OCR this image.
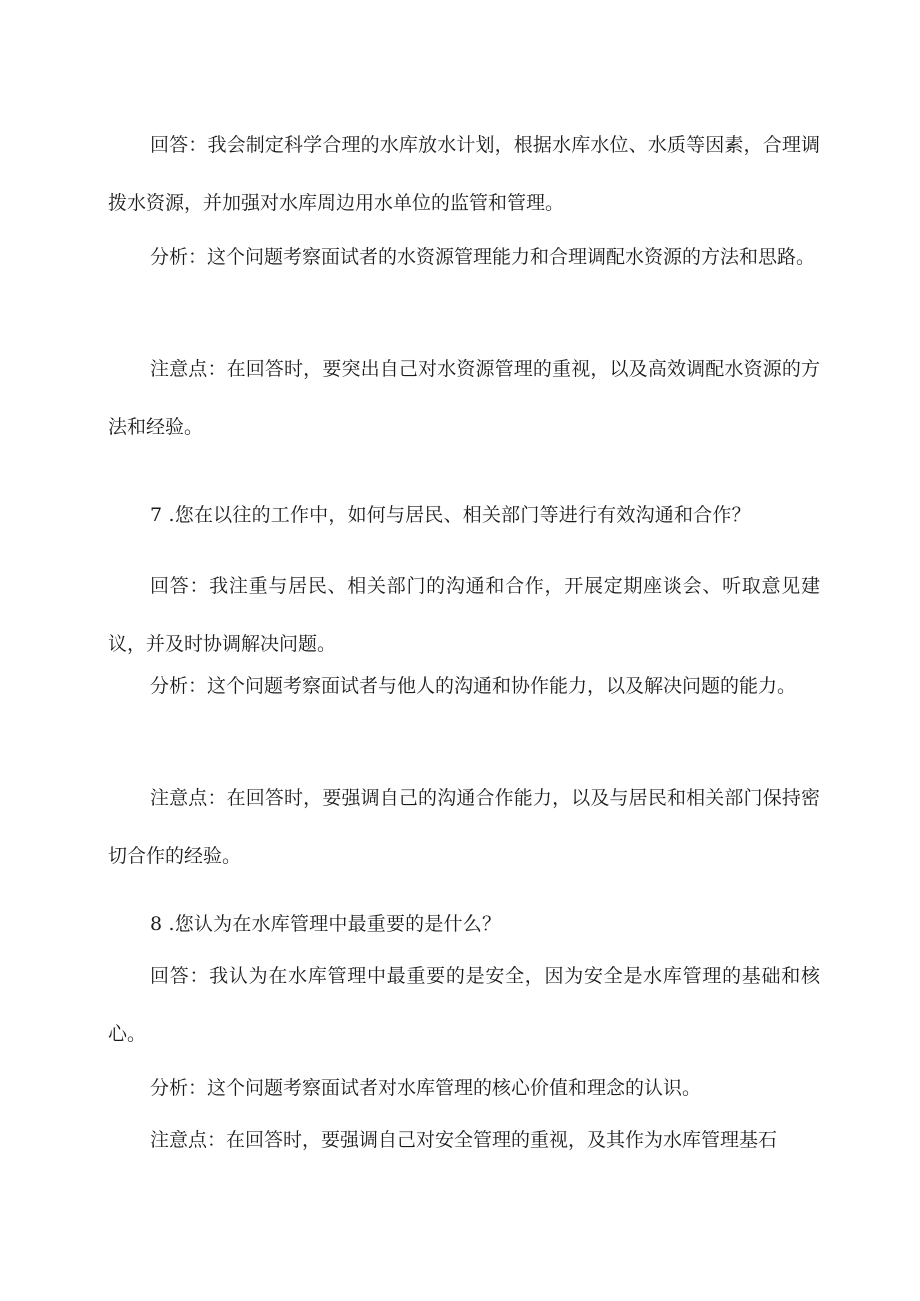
回答：我会制定科学合理的水库放水计划，根据水库水位、水质等因素，合理调拨水资源，并加强对水库周边用水单位的监管和管理。

分析：这个问题考察面试者的水资源管理能力和合理调配水资源的方法和思路。

注意点：在回答时，要突出自己对水资源管理的重视，以及高效调配水资源的方法和经验。

7 .您在以往的工作中，如何与居民、相关部门等进行有效沟通和合作？

回答：我注重与居民、相关部门的沟通和合作，开展定期座谈会、听取意见建议，并及时协调解决问题。

分析：这个问题考察面试者与他人的沟通和协作能力，以及解决问题的能力。

注意点：在回答时，要强调自己的沟通合作能力，以及与居民和相关部门保持密切合作的经验。

8 .您认为在水库管理中最重要的是什么？

回答：我认为在水库管理中最重要的是安全，因为安全是水库管理的基础和核心。

分析：这个问题考察面试者对水库管理的核心价值和理念的认识。

注意点：在回答时，要强调自己对安全管理的重视，及其作为水库管理基石
